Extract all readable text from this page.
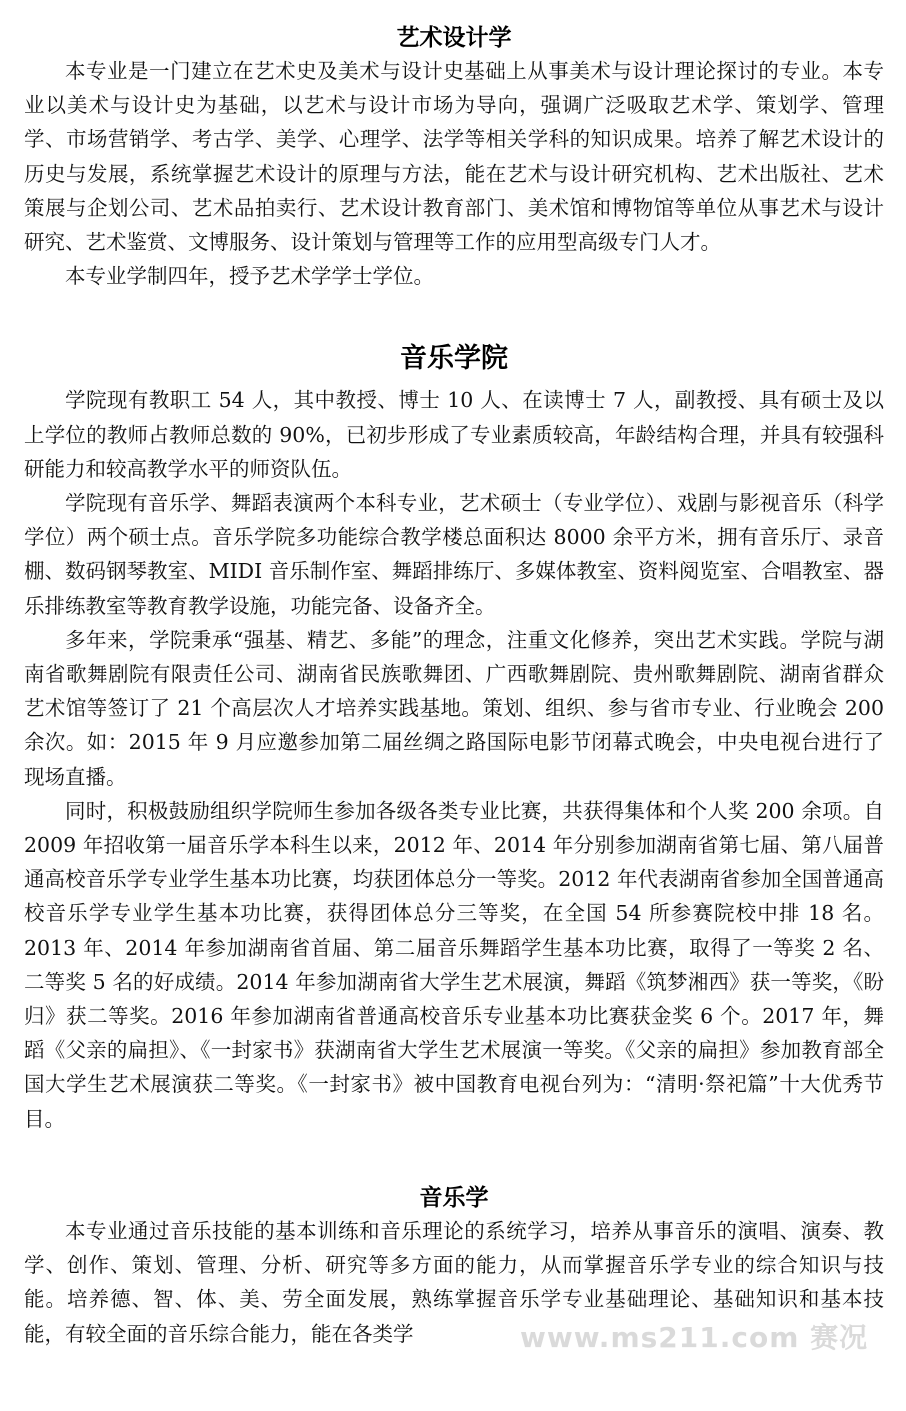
艺术设计学

本专业是一门建立在艺术史及美术与设计史基础上从事美术与设计理论探讨的专业。本专业以美术与设计史为基础，以艺术与设计市场为导向，强调广泛吸取艺术学、策划学、管理学、市场营销学、考古学、美学、心理学、法学等相关学科的知识成果。培养了解艺术设计的历史与发展，系统掌握艺术设计的原理与方法，能在艺术与设计研究机构、艺术出版社、艺术策展与企划公司、艺术品拍卖行、艺术设计教育部门、美术馆和博物馆等单位从事艺术与设计研究、艺术鉴赏、文博服务、设计策划与管理等工作的应用型高级专门人才。

本专业学制四年，授予艺术学学士学位。

音乐学院

学院现有教职工 54 人，其中教授、博士 10 人、在读博士 7 人，副教授、具有硕士及以上学位的教师占教师总数的 90%，已初步形成了专业素质较高，年龄结构合理，并具有较强科研能力和较高教学水平的师资队伍。

学院现有音乐学、舞蹈表演两个本科专业，艺术硕士（专业学位）、戏剧与影视音乐（科学学位）两个硕士点。音乐学院多功能综合教学楼总面积达 8000 余平方米，拥有音乐厅、录音棚、数码钢琴教室、MIDI 音乐制作室、舞蹈排练厅、多媒体教室、资料阅览室、合唱教室、器乐排练教室等教育教学设施，功能完备、设备齐全。

多年来，学院秉承“强基、精艺、多能”的理念，注重文化修养，突出艺术实践。学院与湖南省歌舞剧院有限责任公司、湖南省民族歌舞团、广西歌舞剧院、贵州歌舞剧院、湖南省群众艺术馆等签订了 21 个高层次人才培养实践基地。策划、组织、参与省市专业、行业晚会 200 余次。如：2015 年 9 月应邀参加第二届丝绸之路国际电影节闭幕式晚会，中央电视台进行了现场直播。

同时，积极鼓励组织学院师生参加各级各类专业比赛，共获得集体和个人奖 200 余项。自 2009 年招收第一届音乐学本科生以来，2012 年、2014 年分别参加湖南省第七届、第八届普通高校音乐学专业学生基本功比赛，均获团体总分一等奖。2012 年代表湖南省参加全国普通高校音乐学专业学生基本功比赛，获得团体总分三等奖，在全国 54 所参赛院校中排 18 名。2013 年、2014 年参加湖南省首届、第二届音乐舞蹈学生基本功比赛，取得了一等奖 2 名、二等奖 5 名的好成绩。2014 年参加湖南省大学生艺术展演，舞蹈《筑梦湘西》获一等奖，《盼归》获二等奖。2016 年参加湖南省普通高校音乐专业基本功比赛获金奖 6 个。2017 年，舞蹈《父亲的扁担》、《一封家书》获湖南省大学生艺术展演一等奖。《父亲的扁担》参加教育部全国大学生艺术展演获二等奖。《一封家书》被中国教育电视台列为：“清明·祭祀篇”十大优秀节目。

音乐学

本专业通过音乐技能的基本训练和音乐理论的系统学习，培养从事音乐的演唱、演奏、教学、创作、策划、管理、分析、研究等多方面的能力，从而掌握音乐学专业的综合知识与技能。培养德、智、体、美、劳全面发展，熟练掌握音乐学专业基础理论、基础知识和基本技能，有较全面的音乐综合能力，能在各类学	www.ms211.com 赛况
